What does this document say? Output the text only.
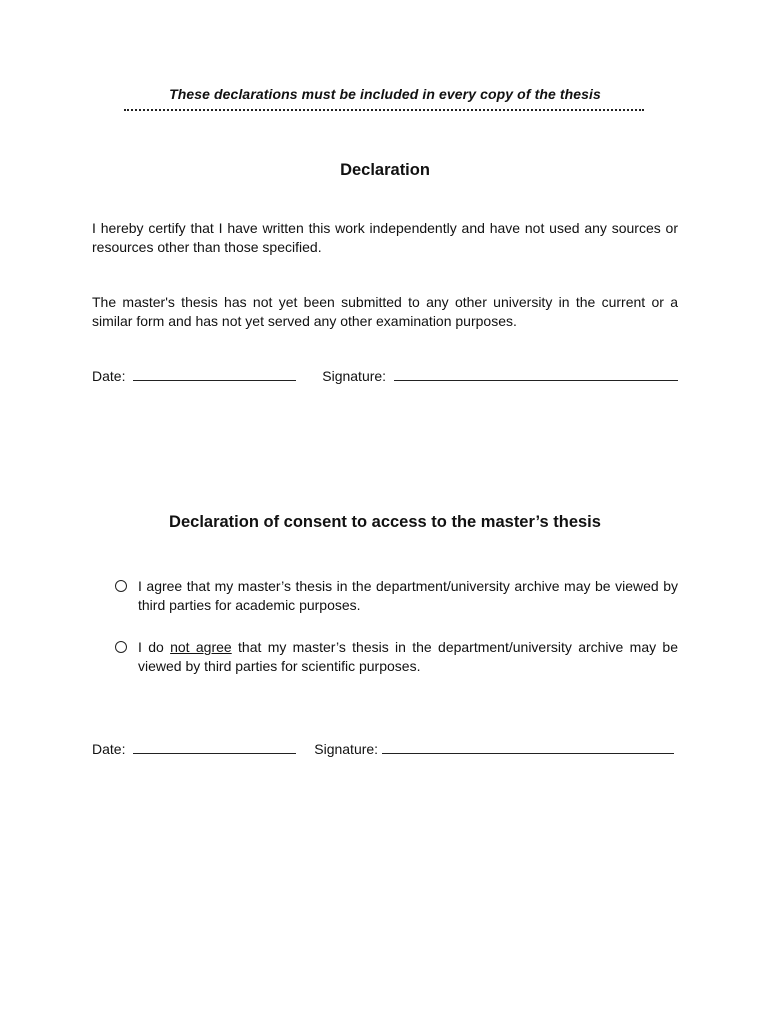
These declarations must be included in every copy of the thesis
Declaration
I hereby certify that I have written this work independently and have not used any sources or resources other than those specified.
The master's thesis has not yet been submitted to any other university in the current or a similar form and has not yet served any other examination purposes.
Date:	Signature:
Declaration of consent to access to the master’s thesis
I agree that my master’s thesis in the department/university archive may be viewed by third parties for academic purposes.
I do not agree that my master’s thesis in the department/university archive may be viewed by third parties for scientific purposes.
Date:	Signature:
